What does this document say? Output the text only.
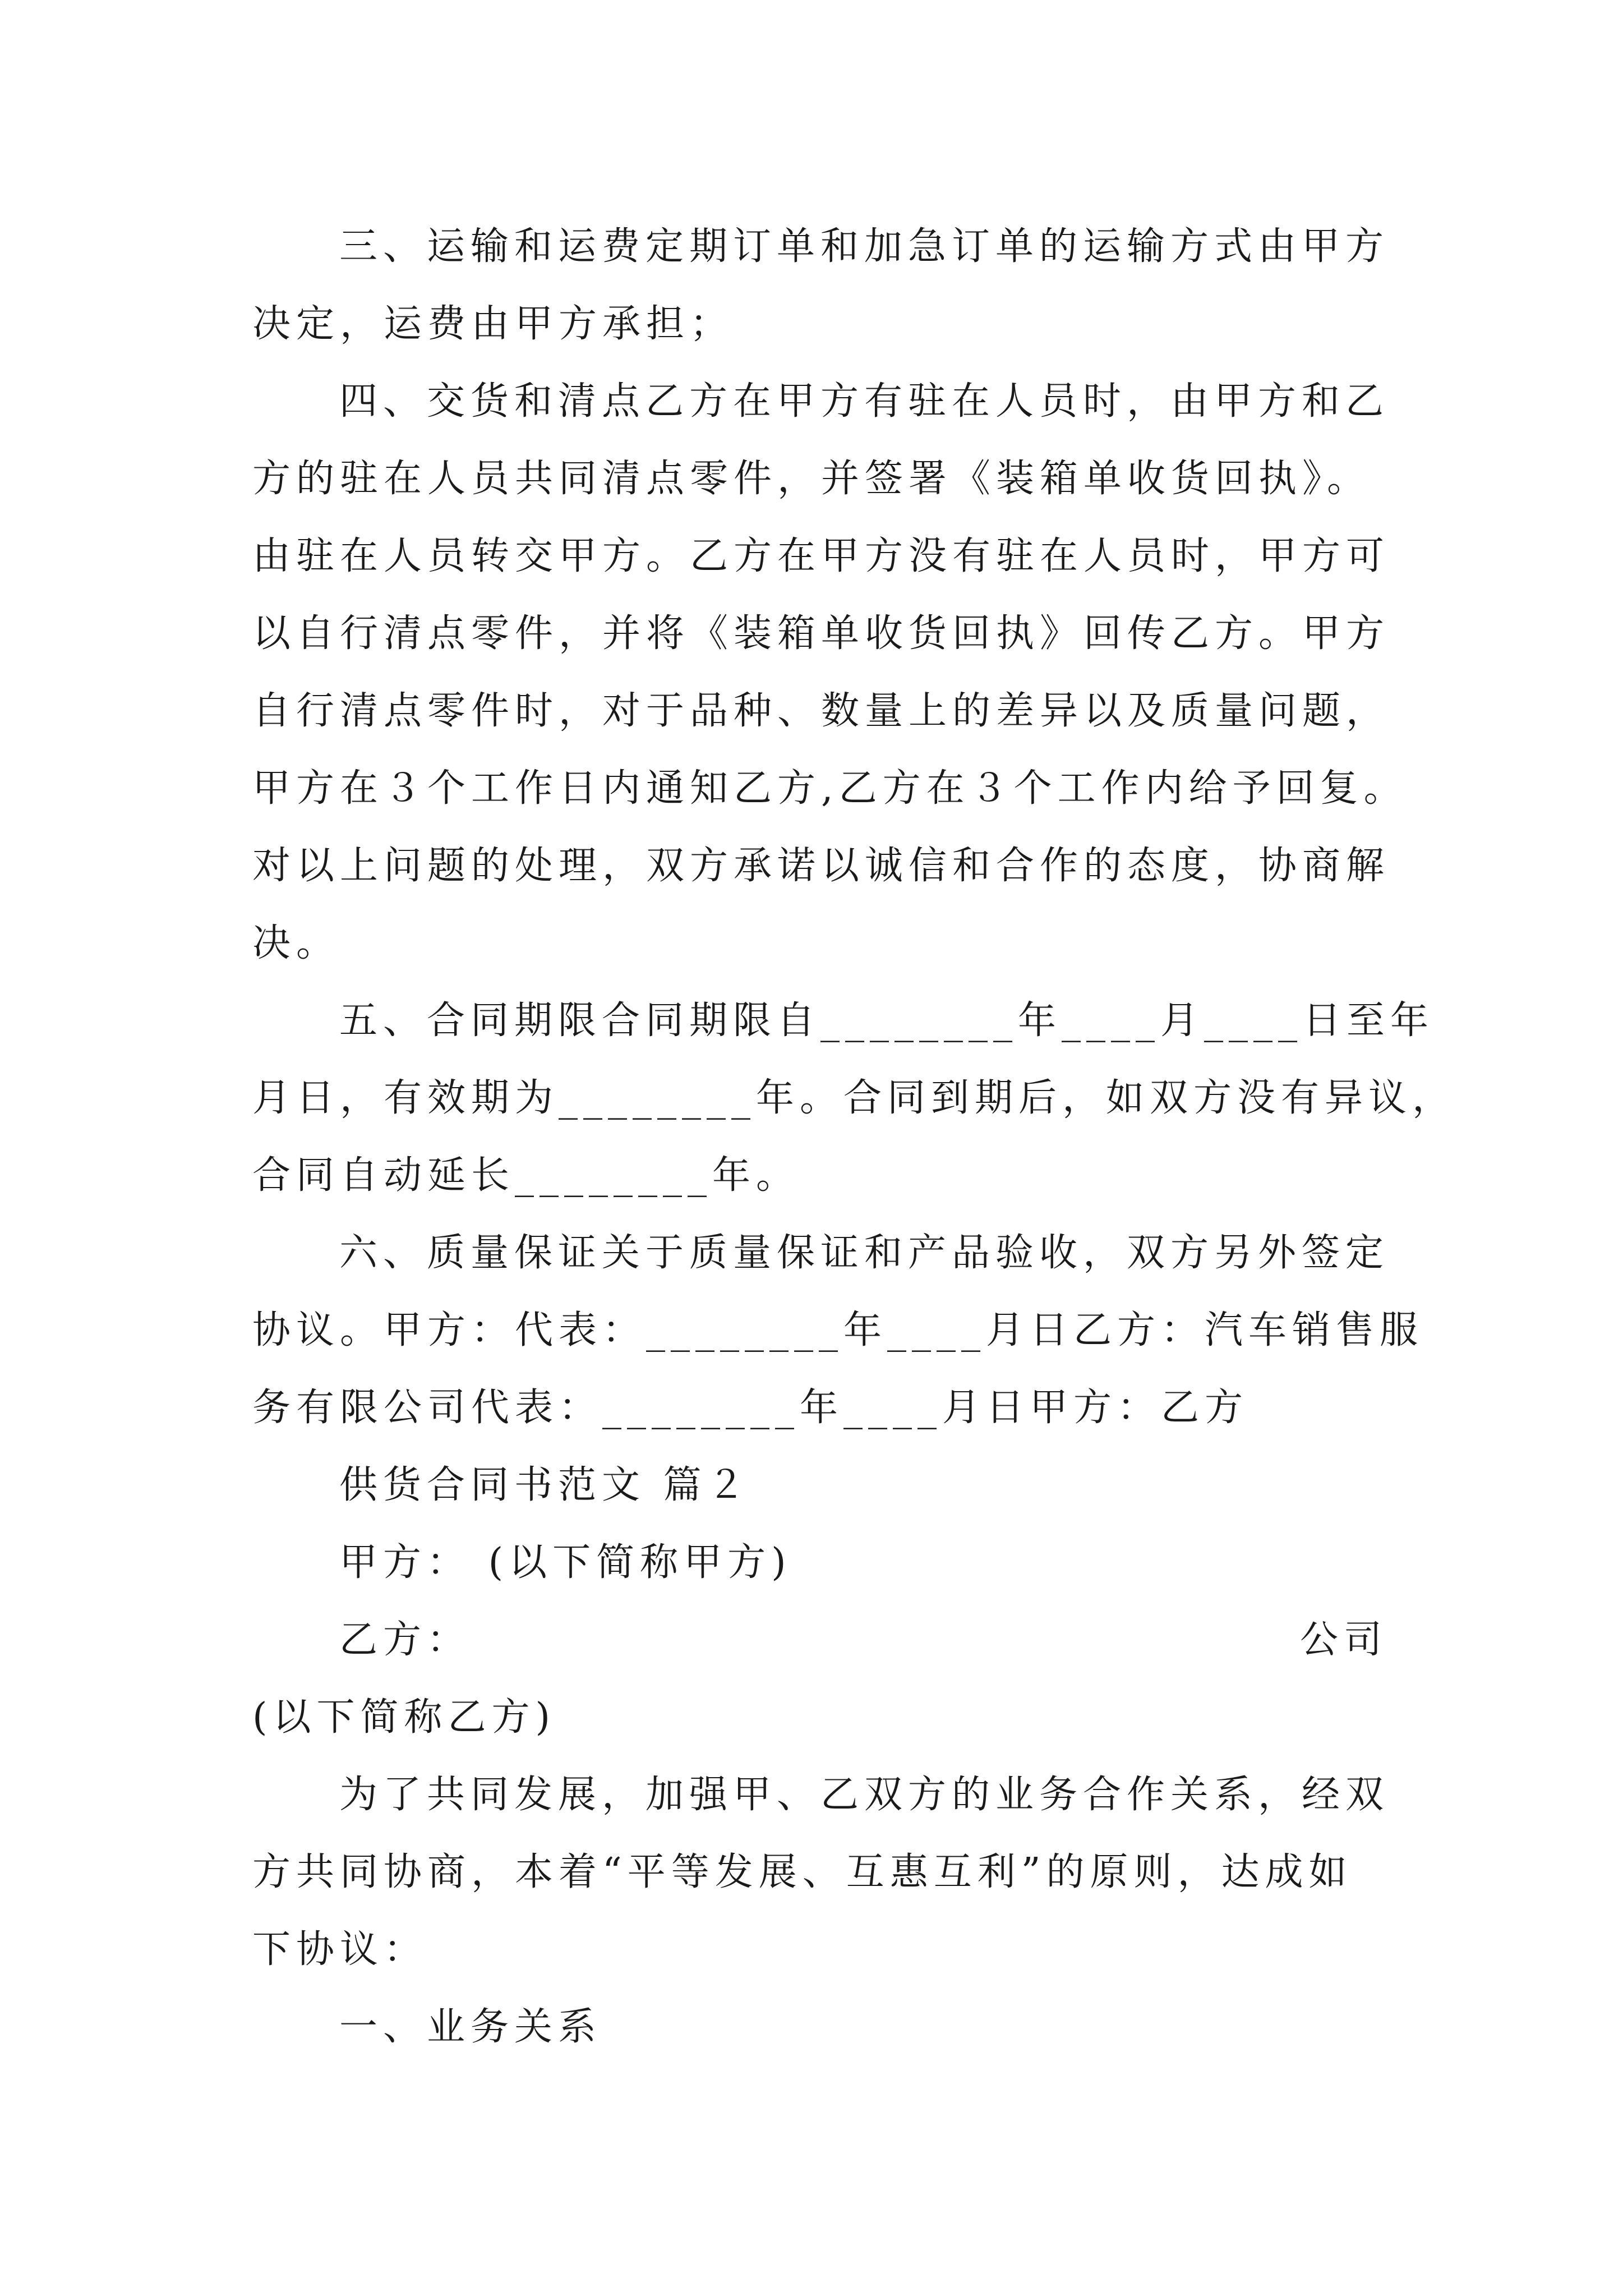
三、运输和运费定期订单和加急订单的运输方式由甲方
决定，运费由甲方承担；
四、交货和清点乙方在甲方有驻在人员时，由甲方和乙
方的驻在人员共同清点零件，并签署《装箱单收货回执》。
由驻在人员转交甲方。乙方在甲方没有驻在人员时，甲方可
以自行清点零件，并将《装箱单收货回执》回传乙方。甲方
自行清点零件时，对于品种、数量上的差异以及质量问题，
甲方在３个工作日内通知乙方,乙方在３个工作内给予回复。
对以上问题的处理，双方承诺以诚信和合作的态度，协商解
决。
五、合同期限合同期限自________年____月____日至年
月日，有效期为________年。合同到期后，如双方没有异议，
合同自动延长________年。
六、质量保证关于质量保证和产品验收，双方另外签定
协议。甲方：代表：________年____月日乙方：汽车销售服
务有限公司代表：________年____月日甲方：乙方
供货合同书范文 篇２
甲方： (以下简称甲方)

乙方：

	公司

(以下简称乙方)
为了共同发展，加强甲、乙双方的业务合作关系，经双
方共同协商，本着“平等发展、互惠互利”的原则，达成如
下协议：
一、业务关系
